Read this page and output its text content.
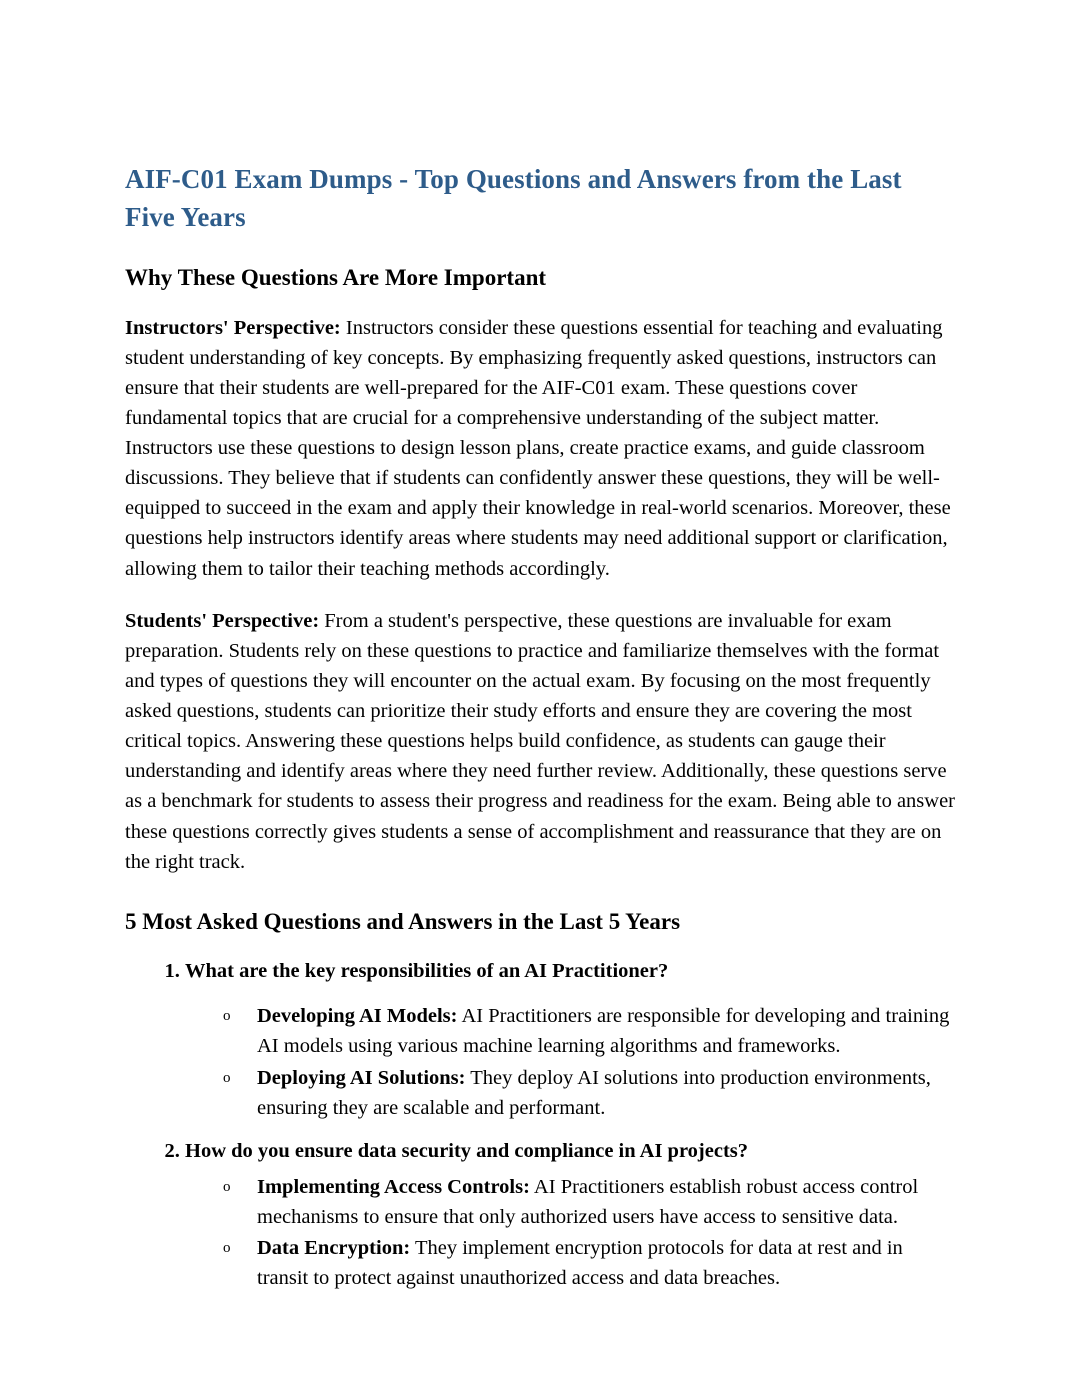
AIF-C01 Exam Dumps - Top Questions and Answers from the Last Five Years
Why These Questions Are More Important

Instructors' Perspective: Instructors consider these questions essential for teaching and evaluating student understanding of key concepts. By emphasizing frequently asked questions, instructors can ensure that their students are well-prepared for the AIF-C01 exam. These questions cover fundamental topics that are crucial for a comprehensive understanding of the subject matter. Instructors use these questions to design lesson plans, create practice exams, and guide classroom discussions. They believe that if students can confidently answer these questions, they will be well-equipped to succeed in the exam and apply their knowledge in real-world scenarios. Moreover, these questions help instructors identify areas where students may need additional support or clarification, allowing them to tailor their teaching methods accordingly.

Students' Perspective: From a student's perspective, these questions are invaluable for exam preparation. Students rely on these questions to practice and familiarize themselves with the format and types of questions they will encounter on the actual exam. By focusing on the most frequently asked questions, students can prioritize their study efforts and ensure they are covering the most critical topics. Answering these questions helps build confidence, as students can gauge their understanding and identify areas where they need further review. Additionally, these questions serve as a benchmark for students to assess their progress and readiness for the exam. Being able to answer these questions correctly gives students a sense of accomplishment and reassurance that they are on the right track.

5 Most Asked Questions and Answers in the Last 5 Years
1. What are the key responsibilities of an AI Practitioner?
o Developing AI Models: AI Practitioners are responsible for developing and training AI models using various machine learning algorithms and frameworks.
o Deploying AI Solutions: They deploy AI solutions into production environments, ensuring they are scalable and performant.
2. How do you ensure data security and compliance in AI projects?
o Implementing Access Controls: AI Practitioners establish robust access control mechanisms to ensure that only authorized users have access to sensitive data.
o Data Encryption: They implement encryption protocols for data at rest and in transit to protect against unauthorized access and data breaches.
